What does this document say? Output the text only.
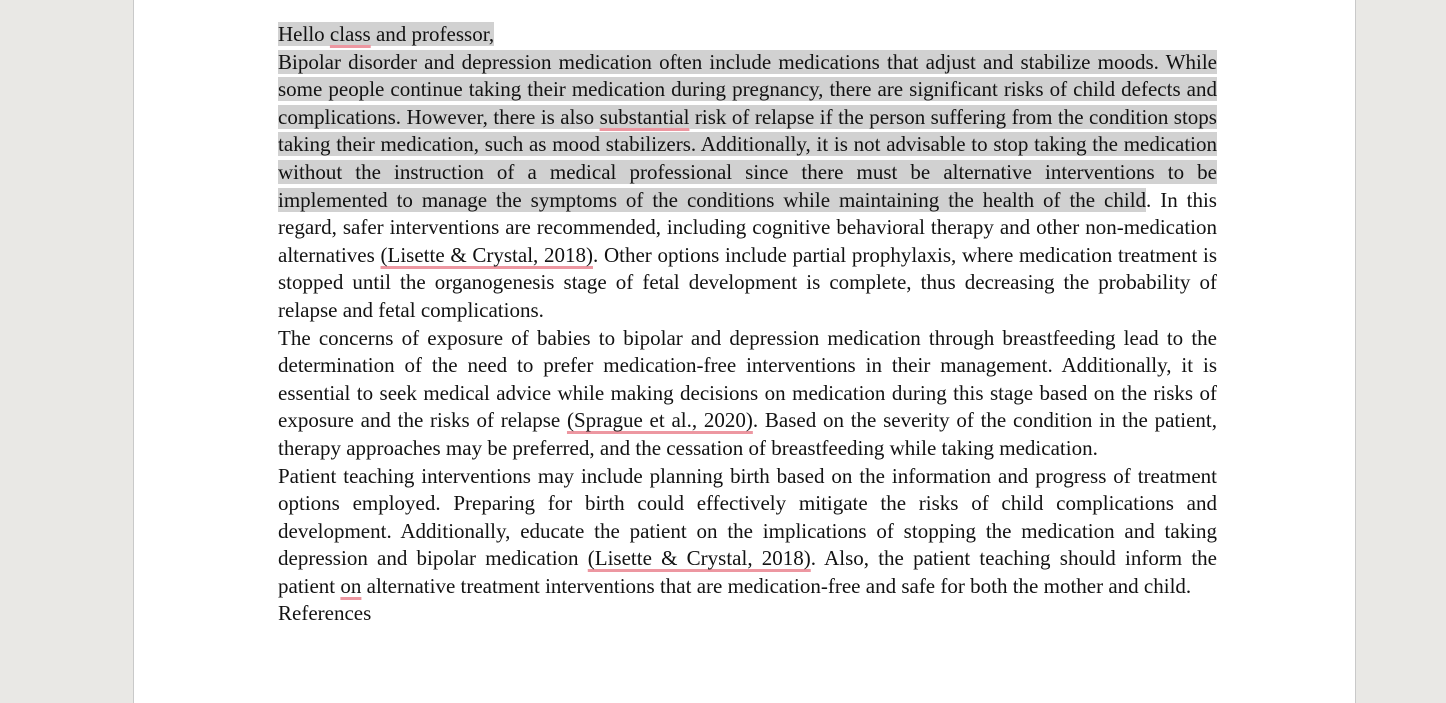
Hello class and professor,

Bipolar disorder and depression medication often include medications that adjust and stabilize moods. While some people continue taking their medication during pregnancy, there are significant risks of child defects and complications. However, there is also substantial risk of relapse if the person suffering from the condition stops taking their medication, such as mood stabilizers. Additionally, it is not advisable to stop taking the medication without the instruction of a medical professional since there must be alternative interventions to be implemented to manage the symptoms of the conditions while maintaining the health of the child. In this regard, safer interventions are recommended, including cognitive behavioral therapy and other non-medication alternatives (Lisette & Crystal, 2018). Other options include partial prophylaxis, where medication treatment is stopped until the organogenesis stage of fetal development is complete, thus decreasing the probability of relapse and fetal complications.

The concerns of exposure of babies to bipolar and depression medication through breastfeeding lead to the determination of the need to prefer medication-free interventions in their management. Additionally, it is essential to seek medical advice while making decisions on medication during this stage based on the risks of exposure and the risks of relapse (Sprague et al., 2020). Based on the severity of the condition in the patient, therapy approaches may be preferred, and the cessation of breastfeeding while taking medication.

Patient teaching interventions may include planning birth based on the information and progress of treatment options employed. Preparing for birth could effectively mitigate the risks of child complications and development. Additionally, educate the patient on the implications of stopping the medication and taking depression and bipolar medication (Lisette & Crystal, 2018). Also, the patient teaching should inform the patient on alternative treatment interventions that are medication-free and safe for both the mother and child.

References
